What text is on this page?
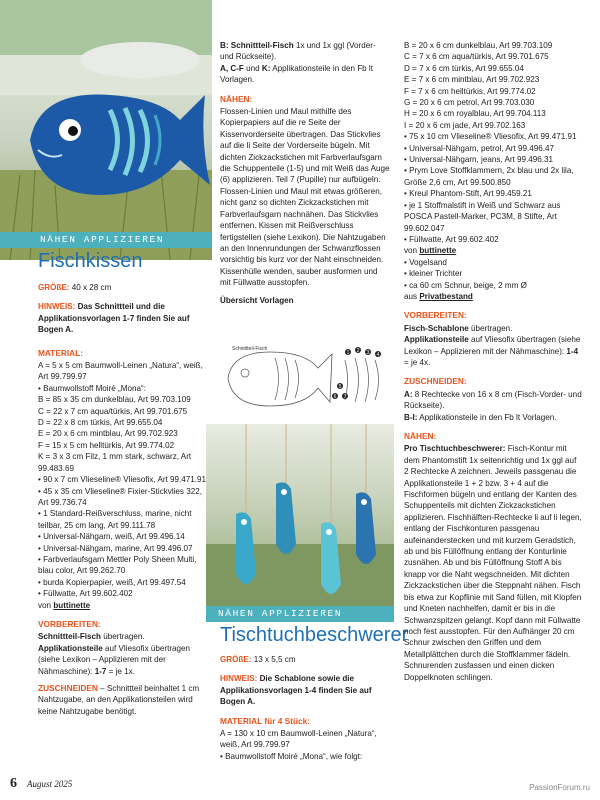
NÄHEN APPLIZIEREN
Fischkissen

GRÖßE: 40 x 28 cm

HINWEIS: Das Schnittteil und die Applikationsvorlagen 1-7 finden Sie auf Bogen A.

MATERIAL:
A = 5 x 5 cm Baumwoll-Leinen „Natura“, weiß, Art 99.799.97
• Baumwollstoff Moiré „Mona“:
B = 85 x 35 cm dunkelblau, Art 99.703.109
C = 22 x 7 cm aqua/türkis, Art 99.701.675
D = 22 x 8 cm türkis, Art 99.655.04
E = 20 x 6 cm mintblau, Art 99.702.923
F = 15 x 5 cm helltürkis, Art 99.774.02
K = 3 x 3 cm Filz, 1 mm stark, schwarz, Art 99.483.69
• 90 x 7 cm Vlieseline® Vliesofix, Art 99.471.91
• 45 x 35 cm Vlieseline® Fixier-Stickvlies 322, Art 99.736.74
• 1 Standard-Reißverschluss, marine, nicht teilbar, 25 cm lang, Art 99.111.78
• Universal-Nähgarn, weiß, Art 99.496.14
• Universal-Nähgarn, marine, Art 99.496.07
• Farbverlaufsgarn Mettler Poly Sheen Multi, blau color, Art 99.262.70
• burda Kopierpapier, weiß, Art 99.497.54
• Füllwatte, Art 99.602.402

von buttinette

VORBEREITEN:

Schnittteil-Fisch übertragen.

Applikationsteile auf Vliesofix übertragen (siehe Lexikon – Applizieren mit der Nähmaschine): 1-7 = je 1x.

ZUSCHNEIDEN – Schnittteil beinhaltet 1 cm Nahtzugabe, an den Applikationsteilen wird keine Nahtzugabe benötigt.

B: Schnittteil-Fisch 1x und 1x ggl (Vorder- und Rückseite).

A, C-F und K: Applikationsteile in den Fb lt Vorlagen.

NÄHEN:

Flossen-Linien und Maul mithilfe des Kopierpapiers auf die re Seite der Kissenvorderseite übertragen. Das Stickvlies auf die li Seite der Vorderseite bügeln. Mit dichten Zickzackstichen mit Farbverlaufsgarn die Schuppenteile (1-5) und mit Weiß das Auge (6) applizieren. Teil 7 (Pupille) nur aufbügeln. Flossen-Linien und Maul mit etwas größeren, nicht ganz so dichten Zickzackstichen mit Farbverlaufsgarn nachnähen. Das Stickvlies entfernen. Kissen mit Reißverschluss fertigstellen (siehe Lexikon). Die Nahtzugaben an den Innenrundungen der Schwanzflossen vorsichtig bis kurz vor der Naht einschneiden. Kissenhülle wenden, sauber ausformen und mit Füllwatte ausstopfen.

Übersicht Vorlagen

Schnittteil-Fisch
1 2 3 4
5
6 7
NÄHEN APPLIZIEREN
Tischtuchbeschwerer

GRÖßE: 13 x 5,5 cm

HINWEIS: Die Schablone sowie die Applikationsvorlagen 1-4 finden Sie auf Bogen A.

MATERIAL für 4 Stück:
A = 130 x 10 cm Baumwoll-Leinen „Natura“, weiß, Art 99.799.97
• Baumwollstoff Moiré „Mona“, wie folgt:
B = 20 x 6 cm dunkelblau, Art 99.703.109
C = 7 x 6 cm aqua/türkis, Art 99.701.675
D = 7 x 6 cm türkis, Art 99.655.04
E = 7 x 6 cm mintblau, Art 99.702.923
F = 7 x 6 cm helltürkis, Art 99.774.02
G = 20 x 6 cm petrol, Art 99.703.030
H = 20 x 6 cm royalblau, Art 99.704.113
I = 20 x 6 cm jade, Art 99.702.163
• 75 x 10 cm Vlieseline® Vliesofix, Art 99.471.91
• Universal-Nähgarn, petrol, Art 99.496.47
• Universal-Nähgarn, jeans, Art 99.496.31
• Prym Love Stoffklammern, 2x blau und 2x lila, Größe 2,6 cm, Art 99.500.850
• Kreul Phantom-Stift, Art 99.459.21
• je 1 Stoffmalstift in Weiß und Schwarz aus POSCA Pastell-Marker, PC3M, 8 Stifte, Art 99.602.047
• Füllwatte, Art 99.602.402

von buttinette

• Vogelsand
• kleiner Trichter
• ca 60 cm Schnur, beige, 2 mm Ø

aus Privatbestand

VORBEREITEN:

Fisch-Schablone übertragen.

Applikationsteile auf Vliesofix übertragen (siehe Lexikon – Applizieren mit der Nähmaschine): 1-4 = je 4x.

ZUSCHNEIDEN:

A: 8 Rechtecke von 16 x 8 cm (Fisch-Vorder- und Rückseite).

B-I: Applikationsteile in den Fb lt Vorlagen.

NÄHEN:

Pro Tischtuchbeschwerer: Fisch-Kontur mit dem Phantomstift 1x seitenrichtig und 1x ggl auf 2 Rechtecke A zeichnen. Jeweils passgenau die Applikationsteile 1 + 2 bzw. 3 + 4 auf die Fischformen bügeln und entlang der Kanten des Schuppenteils mit dichten Zickzackstichen applizieren. Fischhälften-Rechtecke li auf li legen, entlang der Fischkonturen passgenau aufeinanderstecken und mit kurzem Geradstich, ab und bis Füllöffnung entlang der Konturlinie zusnähen. Ab und bis Füllöffnung Stoff A bis knapp vor die Naht wegschneiden. Mit dichten Zickzackstichen über die Steppnaht nähen. Fisch bis etwa zur Kopflinie mit Sand füllen, mit Klopfen und Kneten nachhelfen, damit er bis in die Schwanzspitzen gelangt. Kopf dann mit Füllwatte noch fest ausstopfen. Für den Aufhänger 20 cm Schnur zwischen den Griffen und dem Metallplättchen durch die Stoffklammer fädeln. Schnurenden zusfassen und einen dicken Doppelknoten schlingen.

6 August 2025	PassionForum.ru
